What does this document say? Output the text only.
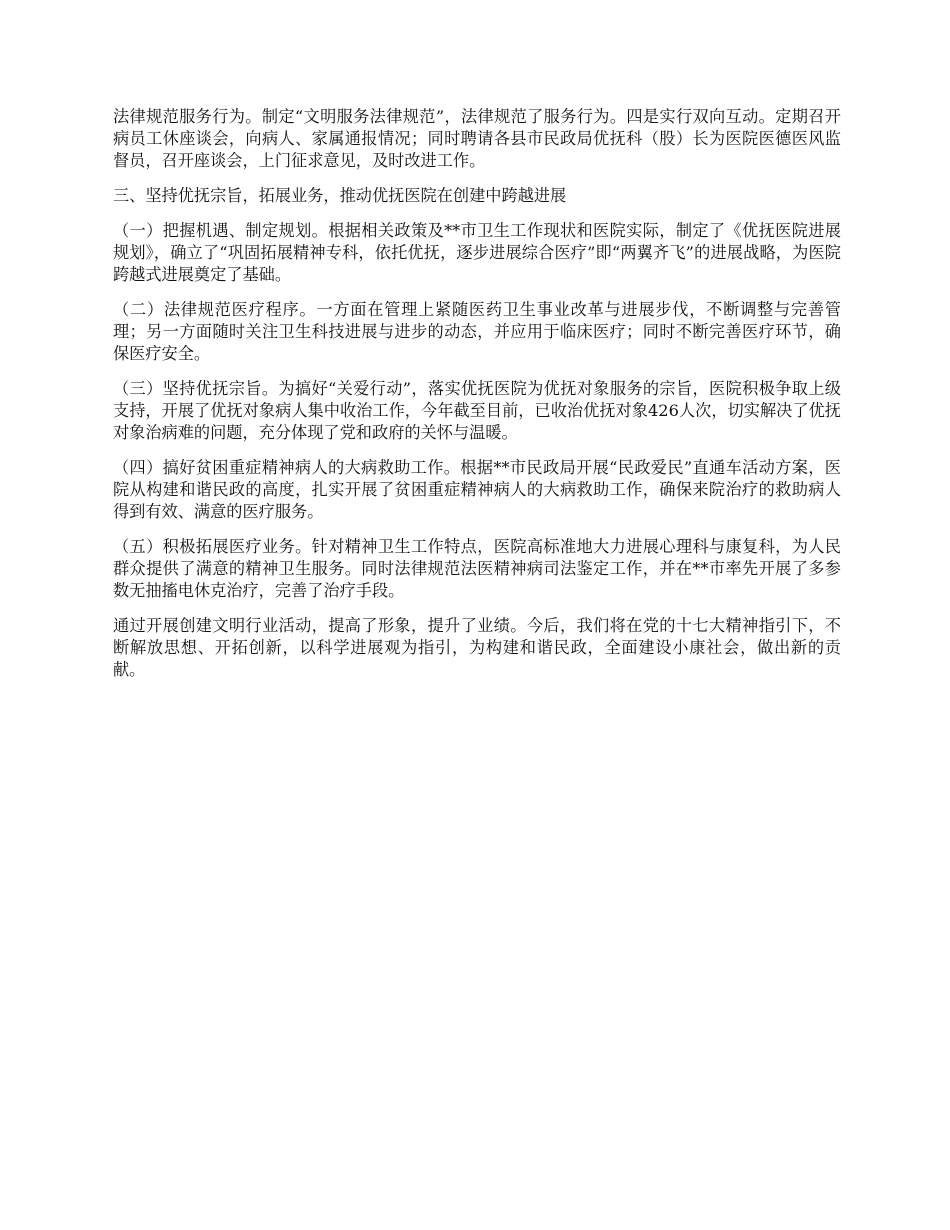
法律规范服务行为。制定“文明服务法律规范”，法律规范了服务行为。四是实行双向互动。定期召开病员工休座谈会，向病人、家属通报情况；同时聘请各县市民政局优抚科（股）长为医院医德医风监督员，召开座谈会，上门征求意见，及时改进工作。

三、坚持优抚宗旨，拓展业务，推动优抚医院在创建中跨越进展

（一）把握机遇、制定规划。根据相关政策及**市卫生工作现状和医院实际，制定了《优抚医院进展规划》，确立了“巩固拓展精神专科，依托优抚，逐步进展综合医疗”即“两翼齐飞”的进展战略，为医院跨越式进展奠定了基础。

（二）法律规范医疗程序。一方面在管理上紧随医药卫生事业改革与进展步伐，不断调整与完善管理；另一方面随时关注卫生科技进展与进步的动态，并应用于临床医疗；同时不断完善医疗环节，确保医疗安全。

（三）坚持优抚宗旨。为搞好“关爱行动”，落实优抚医院为优抚对象服务的宗旨，医院积极争取上级支持，开展了优抚对象病人集中收治工作，今年截至目前，已收治优抚对象426人次，切实解决了优抚对象治病难的问题，充分体现了党和政府的关怀与温暖。

（四）搞好贫困重症精神病人的大病救助工作。根据**市民政局开展“民政爱民”直通车活动方案，医院从构建和谐民政的高度，扎实开展了贫困重症精神病人的大病救助工作，确保来院治疗的救助病人得到有效、满意的医疗服务。

（五）积极拓展医疗业务。针对精神卫生工作特点，医院高标准地大力进展心理科与康复科，为人民群众提供了满意的精神卫生服务。同时法律规范法医精神病司法鉴定工作，并在**市率先开展了多参数无抽搐电休克治疗，完善了治疗手段。

通过开展创建文明行业活动，提高了形象，提升了业绩。今后，我们将在党的十七大精神指引下，不断解放思想、开拓创新，以科学进展观为指引，为构建和谐民政，全面建设小康社会，做出新的贡献。
